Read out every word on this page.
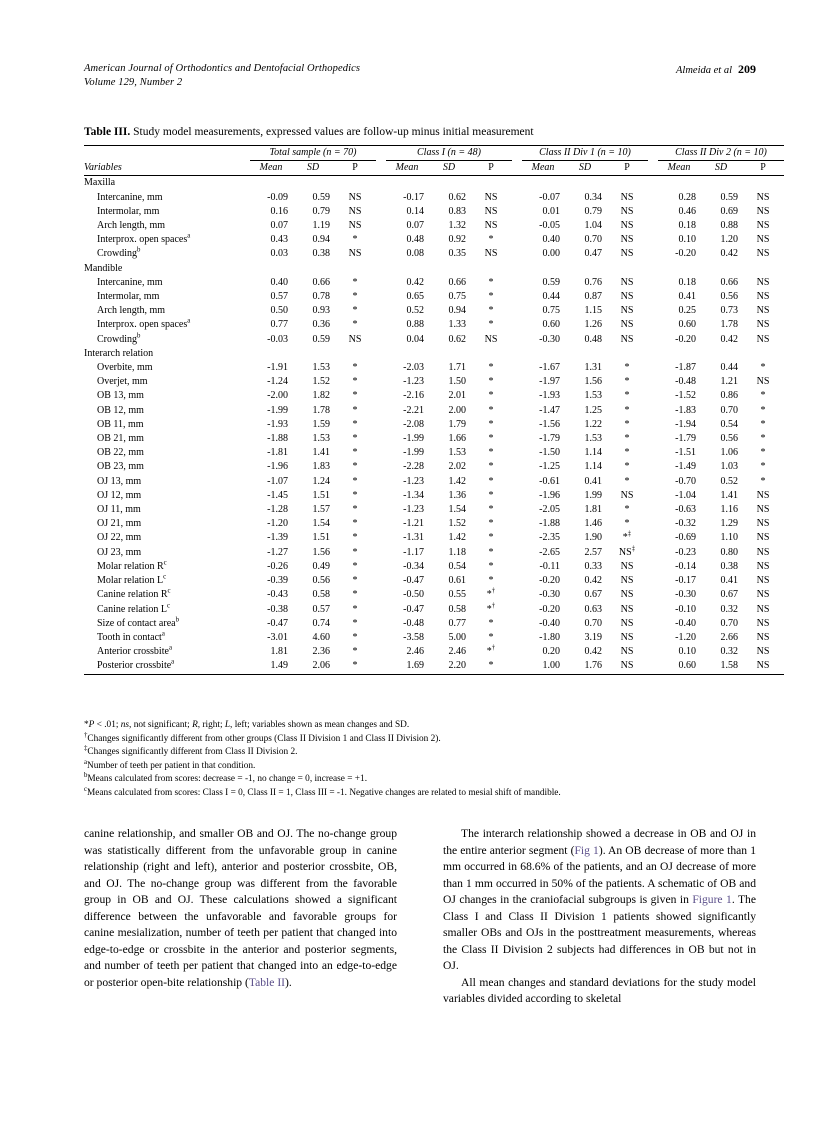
American Journal of Orthodontics and Dentofacial Orthopedics
Volume 129, Number 2
Almeida et al 209
Table III. Study model measurements, expressed values are follow-up minus initial measurement

	Total sample (n = 70)				Class I (n = 48)				Class II Div 1 (n = 10)				Class II Div 2 (n = 10)		
Variables	Mean	SD	P		Mean	SD	P		Mean	SD	P		Mean	SD	P

Maxilla															
Intercanine, mm	-0.09	0.59	NS		-0.17	0.62	NS		-0.07	0.34	NS		0.28	0.59	NS
Intermolar, mm	0.16	0.79	NS		0.14	0.83	NS		0.01	0.79	NS		0.46	0.69	NS
Arch length, mm	0.07	1.19	NS		0.07	1.32	NS		-0.05	1.04	NS		0.18	0.88	NS
Interprox. open spaces$^a$	0.43	0.94	*		0.48	0.92	*		0.40	0.70	NS		0.10	1.20	NS
Crowding$^b$	0.03	0.38	NS		0.08	0.35	NS		0.00	0.47	NS		-0.20	0.42	NS
Mandible															
Intercanine, mm	0.40	0.66	*		0.42	0.66	*		0.59	0.76	NS		0.18	0.66	NS
Intermolar, mm	0.57	0.78	*		0.65	0.75	*		0.44	0.87	NS		0.41	0.56	NS
Arch length, mm	0.50	0.93	*		0.52	0.94	*		0.75	1.15	NS		0.25	0.73	NS
Interprox. open spaces$^a$	0.77	0.36	*		0.88	1.33	*		0.60	1.26	NS		0.60	1.78	NS
Crowding$^b$	-0.03	0.59	NS		0.04	0.62	NS		-0.30	0.48	NS		-0.20	0.42	NS
Interarch relation															
Overbite, mm	-1.91	1.53	*		-2.03	1.71	*		-1.67	1.31	*		-1.87	0.44	*
Overjet, mm	-1.24	1.52	*		-1.23	1.50	*		-1.97	1.56	*		-0.48	1.21	NS
OB 13, mm	-2.00	1.82	*		-2.16	2.01	*		-1.93	1.53	*		-1.52	0.86	*
OB 12, mm	-1.99	1.78	*		-2.21	2.00	*		-1.47	1.25	*		-1.83	0.70	*
OB 11, mm	-1.93	1.59	*		-2.08	1.79	*		-1.56	1.22	*		-1.94	0.54	*
OB 21, mm	-1.88	1.53	*		-1.99	1.66	*		-1.79	1.53	*		-1.79	0.56	*
OB 22, mm	-1.81	1.41	*		-1.99	1.53	*		-1.50	1.14	*		-1.51	1.06	*
OB 23, mm	-1.96	1.83	*		-2.28	2.02	*		-1.25	1.14	*		-1.49	1.03	*
OJ 13, mm	-1.07	1.24	*		-1.23	1.42	*		-0.61	0.41	*		-0.70	0.52	*
OJ 12, mm	-1.45	1.51	*		-1.34	1.36	*		-1.96	1.99	NS		-1.04	1.41	NS
OJ 11, mm	-1.28	1.57	*		-1.23	1.54	*		-2.05	1.81	*		-0.63	1.16	NS
OJ 21, mm	-1.20	1.54	*		-1.21	1.52	*		-1.88	1.46	*		-0.32	1.29	NS
OJ 22, mm	-1.39	1.51	*		-1.31	1.42	*		-2.35	1.90	*‡		-0.69	1.10	NS
OJ 23, mm	-1.27	1.56	*		-1.17	1.18	*		-2.65	2.57	NS‡		-0.23	0.80	NS
Molar relation $R^c$	-0.26	0.49	*		-0.34	0.54	*		-0.11	0.33	NS		-0.14	0.38	NS
Molar relation $L^c$	-0.39	0.56	*		-0.47	0.61	*		-0.20	0.42	NS		-0.17	0.41	NS
Canine relation $R^c$	-0.43	0.58	*		-0.50	0.55	*†		-0.30	0.67	NS		-0.30	0.67	NS
Canine relation $L^c$	-0.38	0.57	*		-0.47	0.58	*†		-0.20	0.63	NS		-0.10	0.32	NS
Size of contact area$^b$	-0.47	0.74	*		-0.48	0.77	*		-0.40	0.70	NS		-0.40	0.70	NS
Tooth in contact$^a$	-3.01	4.60	*		-3.58	5.00	*		-1.80	3.19	NS		-1.20	2.66	NS
Anterior crossbite$^a$	1.81	2.36	*		2.46	2.46	*†		0.20	0.42	NS		0.10	0.32	NS
Posterior crossbite$^a$	1.49	2.06	*		1.69	2.20	*		1.00	1.76	NS		0.60	1.58	NS

*P < .01; ns, not significant; R, right; L, left; variables shown as mean changes and SD.
†Changes significantly different from other groups (Class II Division 1 and Class II Division 2).
‡Changes significantly different from Class II Division 2.
$^a$Number of teeth per patient in that condition.
$^b$Means calculated from scores: decrease = -1, no change = 0, increase = +1.
$^c$Means calculated from scores: Class I = 0, Class II = 1, Class III = -1. Negative changes are related to mesial shift of mandible.

canine relationship, and smaller OB and OJ. The no-change group was statistically different from the unfavorable group in canine relationship (right and left), anterior and posterior crossbite, OB, and OJ. The no-change group was different from the favorable group in OB and OJ. These calculations showed a significant difference between the unfavorable and favorable groups for canine mesialization, number of teeth per patient that changed into edge-to-edge or crossbite in the anterior and posterior segments, and number of teeth per patient that changed into an edge-to-edge or posterior open-bite relationship (Table II).

The interarch relationship showed a decrease in OB and OJ in the entire anterior segment (Fig 1). An OB decrease of more than 1 mm occurred in 68.6% of the patients, and an OJ decrease of more than 1 mm occurred in 50% of the patients. A schematic of OB and OJ changes in the craniofacial subgroups is given in Figure 1. The Class I and Class II Division 1 patients showed significantly smaller OBs and OJs in the posttreatment measurements, whereas the Class II Division 2 subjects had differences in OB but not in OJ.

All mean changes and standard deviations for the study model variables divided according to skeletal
